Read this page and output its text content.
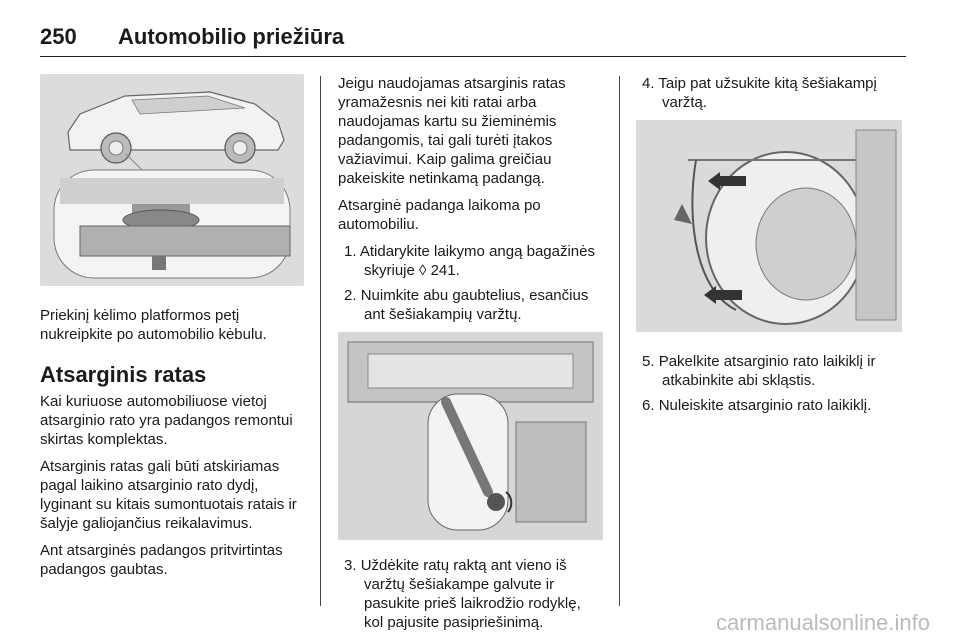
250 Automobilio priežiūra

Priekinį kėlimo platformos petį nukreipkite po automobilio kėbulu.

Atsarginis ratas

Kai kuriuose automobiliuose vietoj atsarginio rato yra padangos remontui skirtas komplektas.

Atsarginis ratas gali būti atskiriamas pagal laikino atsarginio rato dydį, lyginant su kitais sumontuotais ratais ir šalyje galiojančius reikalavimus.

Ant atsarginės padangos pritvirtintas padangos gaubtas.

Jeigu naudojamas atsarginis ratas yramažesnis nei kiti ratai arba naudojamas kartu su žieminėmis padangomis, tai gali turėti įtakos važiavimui. Kaip galima greičiau pakeiskite netinkamą padangą.

Atsarginė padanga laikoma po automobiliu.

1. Atidarykite laikymo angą bagažinės skyriuje ◊ 241.
2. Nuimkite abu gaubtelius, esančius ant šešiakampių varžtų.
3. Uždėkite ratų raktą ant vieno iš varžtų šešiakampe galvute ir pasukite prieš laikrodžio rodyklę, kol pajusite pasipriešinimą.
4. Taip pat užsukite kitą šešiakampį varžtą.
5. Pakelkite atsarginio rato laikiklį ir atkabinkite abi skląstis.
6. Nuleiskite atsarginio rato laikiklį.
carmanualsonline.info
